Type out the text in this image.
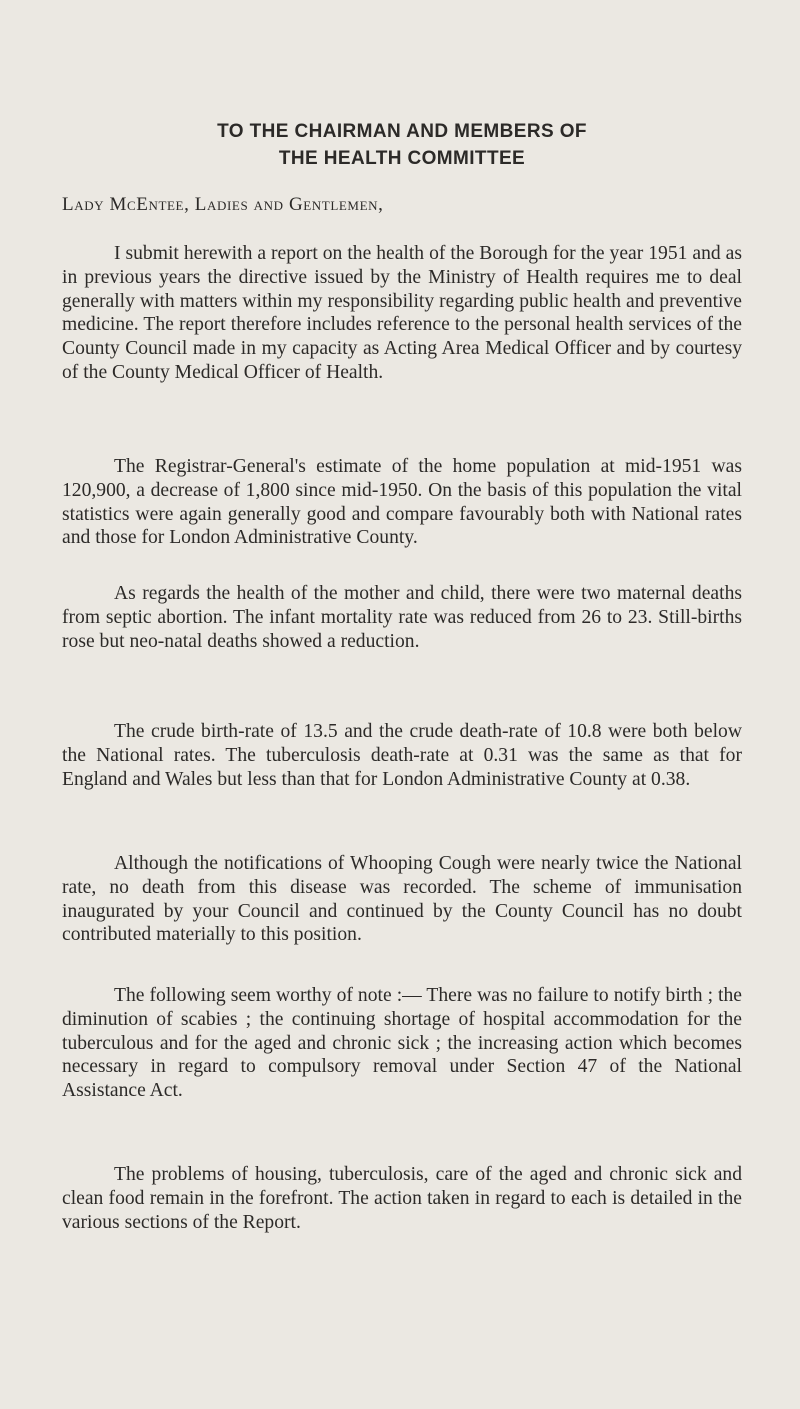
TO THE CHAIRMAN AND MEMBERS OF
THE HEALTH COMMITTEE
Lady McEntee, Ladies and Gentlemen,

I submit herewith a report on the health of the Borough for the year 1951 and as in previous years the directive issued by the Ministry of Health requires me to deal generally with matters within my responsibility regarding public health and preventive medicine. The report therefore includes reference to the personal health services of the County Council made in my capacity as Acting Area Medical Officer and by courtesy of the County Medical Officer of Health.

The Registrar-General's estimate of the home population at mid-1951 was 120,900, a decrease of 1,800 since mid-1950. On the basis of this population the vital statistics were again generally good and compare favourably both with National rates and those for London Administrative County.

As regards the health of the mother and child, there were two maternal deaths from septic abortion. The infant mortality rate was reduced from 26 to 23. Still-births rose but neo-natal deaths showed a reduction.

The crude birth-rate of 13.5 and the crude death-rate of 10.8 were both below the National rates. The tuberculosis death-rate at 0.31 was the same as that for England and Wales but less than that for London Administrative County at 0.38.

Although the notifications of Whooping Cough were nearly twice the National rate, no death from this disease was recorded. The scheme of immunisation inaugurated by your Council and continued by the County Council has no doubt contributed materially to this position.

The following seem worthy of note :— There was no failure to notify birth ; the diminution of scabies ; the continuing shortage of hospital accommodation for the tuberculous and for the aged and chronic sick ; the increasing action which becomes necessary in regard to compulsory removal under Section 47 of the National Assistance Act.

The problems of housing, tuberculosis, care of the aged and chronic sick and clean food remain in the forefront. The action taken in regard to each is detailed in the various sections of the Report.
